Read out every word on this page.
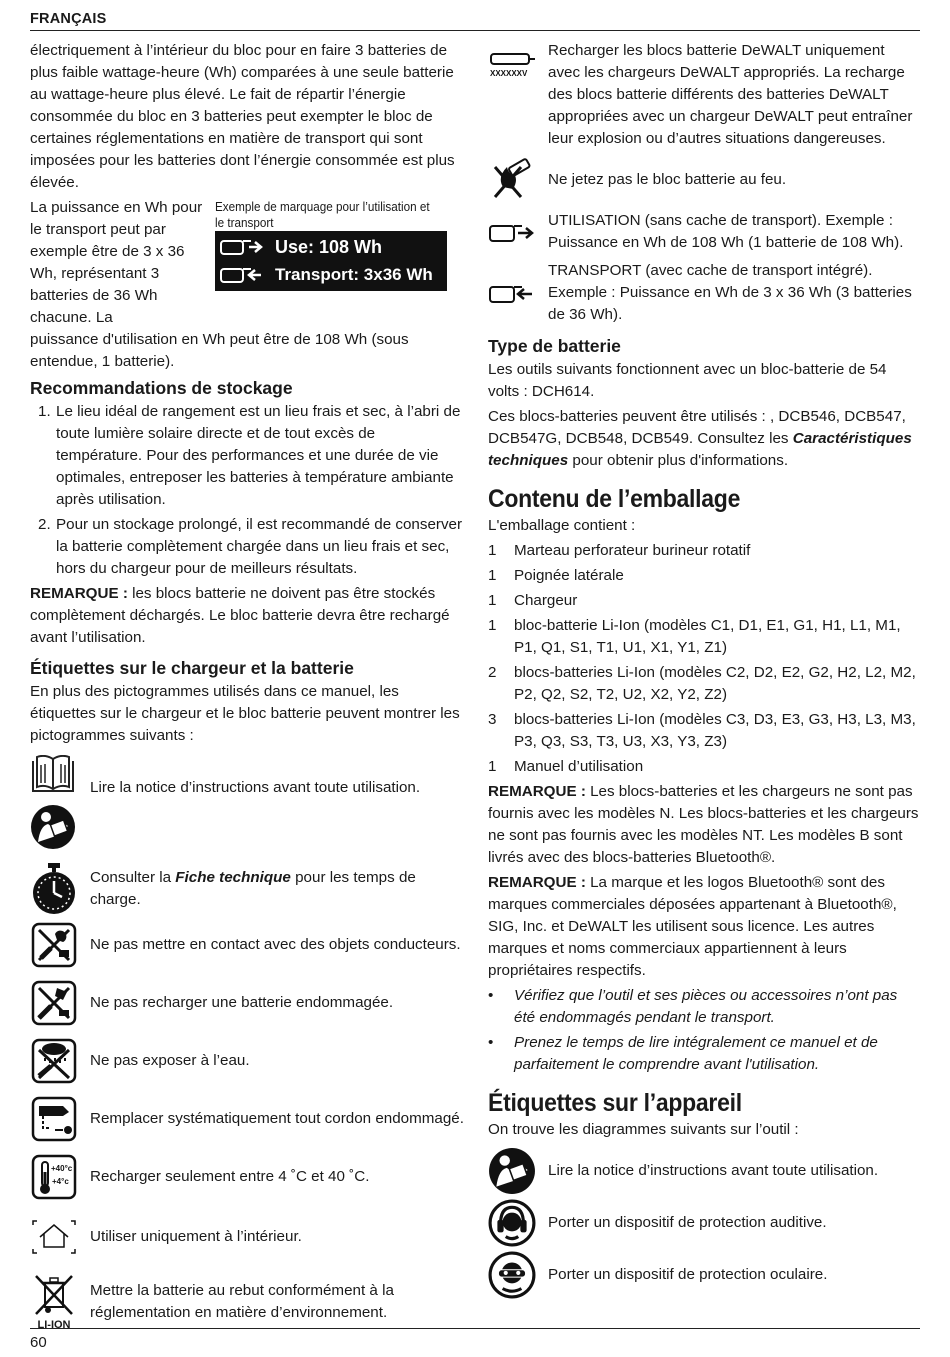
FRANÇAIS

électriquement à l’intérieur du bloc pour en faire 3 batteries de plus faible wattage-heure (Wh) comparées à une seule batterie au wattage-heure plus élevé. Le fait de répartir l’énergie consommée du bloc en 3 batteries peut exempter le bloc de certaines réglementations en matière de transport qui sont imposées pour les batteries dont l’énergie consommée est plus élevée.

La puissance en Wh pour le transport peut par exemple être de 3 x 36 Wh, représentant 3 batteries de 36 Wh chacune. La
Exemple de marquage pour l’utilisation et le transport
Use: 108 Wh
Transport: 3x36 Wh

puissance d'utilisation en Wh peut être de 108 Wh (sous entendue, 1 batterie).

Recommandations de stockage
1. Le lieu idéal de rangement est un lieu frais et sec, à l’abri de toute lumière solaire directe et de tout excès de température. Pour des performances et une durée de vie optimales, entreposer les batteries à température ambiante après utilisation.
2. Pour un stockage prolongé, il est recommandé de conserver la batterie complètement chargée dans un lieu frais et sec, hors du chargeur pour de meilleurs résultats.

REMARQUE : les blocs batterie ne doivent pas être stockés complètement déchargés. Le bloc batterie devra être rechargé avant l’utilisation.

Étiquettes sur le chargeur et la batterie

En plus des pictogrammes utilisés dans ce manuel, les étiquettes sur le chargeur et le bloc batterie peuvent montrer les pictogrammes suivants :

Lire la notice d’instructions avant toute utilisation.
Consulter la Fiche technique pour les temps de charge.
Ne pas mettre en contact avec des objets conducteurs.
Ne pas recharger une batterie endommagée.
Ne pas exposer à l’eau.
Remplacer systématiquement tout cordon endommagé.
+40°c
+4°c Recharger seulement entre 4 ˚C et 40 ˚C.
Utiliser uniquement à l’intérieur.
LI-ION
Mettre la batterie au rebut conformément à la réglementation en matière d’environnement.
XXXXXXV
Recharger les blocs batterie DeWALT uniquement avec les chargeurs DeWALT appropriés. La recharge des blocs batterie différents des batteries DeWALT appropriées avec un chargeur DeWALT peut entraîner leur explosion ou d’autres situations dangereuses.
Ne jetez pas le bloc batterie au feu.
UTILISATION (sans cache de transport). Exemple : Puissance en Wh de 108 Wh (1 batterie de 108 Wh).
TRANSPORT (avec cache de transport intégré). Exemple : Puissance en Wh de 3 x 36 Wh (3 batteries de 36 Wh).
Type de batterie

Les outils suivants fonctionnent avec un bloc-batterie de 54 volts : DCH614.

Ces blocs-batteries peuvent être utilisés : , DCB546, DCB547, DCB547G, DCB548, DCB549. Consultez les Caractéristiques techniques pour obtenir plus d'informations.

Contenu de l’emballage

L'emballage contient :

1	Marteau perforateur burineur rotatif
1	Poignée latérale
1	Chargeur
1	bloc-batterie Li-Ion (modèles C1, D1, E1, G1, H1, L1, M1, P1, Q1, S1, T1, U1, X1, Y1, Z1)
2	blocs-batteries Li-Ion (modèles C2, D2, E2, G2, H2, L2, M2, P2, Q2, S2, T2, U2, X2, Y2, Z2)
3	blocs-batteries Li-Ion (modèles C3, D3, E3, G3, H3, L3, M3, P3, Q3, S3, T3, U3, X3, Y3, Z3)
1	Manuel d’utilisation

REMARQUE : Les blocs-batteries et les chargeurs ne sont pas fournis avec les modèles N. Les blocs-batteries et les chargeurs ne sont pas fournis avec les modèles NT. Les modèles B sont livrés avec des blocs-batteries Bluetooth®.

REMARQUE : La marque et les logos Bluetooth® sont des marques commerciales déposées appartenant à Bluetooth®, SIG, Inc. et DeWALT les utilisent sous licence. Les autres marques et noms commerciaux appartiennent à leurs propriétaires respectifs.

•	Vérifiez que l’outil et ses pièces ou accessoires n’ont pas été endommagés pendant le transport.
•	Prenez le temps de lire intégralement ce manuel et de parfaitement le comprendre avant l'utilisation.
Étiquettes sur l’appareil

On trouve les diagrammes suivants sur l’outil :

Lire la notice d’instructions avant toute utilisation.
Porter un dispositif de protection auditive.
Porter un dispositif de protection oculaire.
60
